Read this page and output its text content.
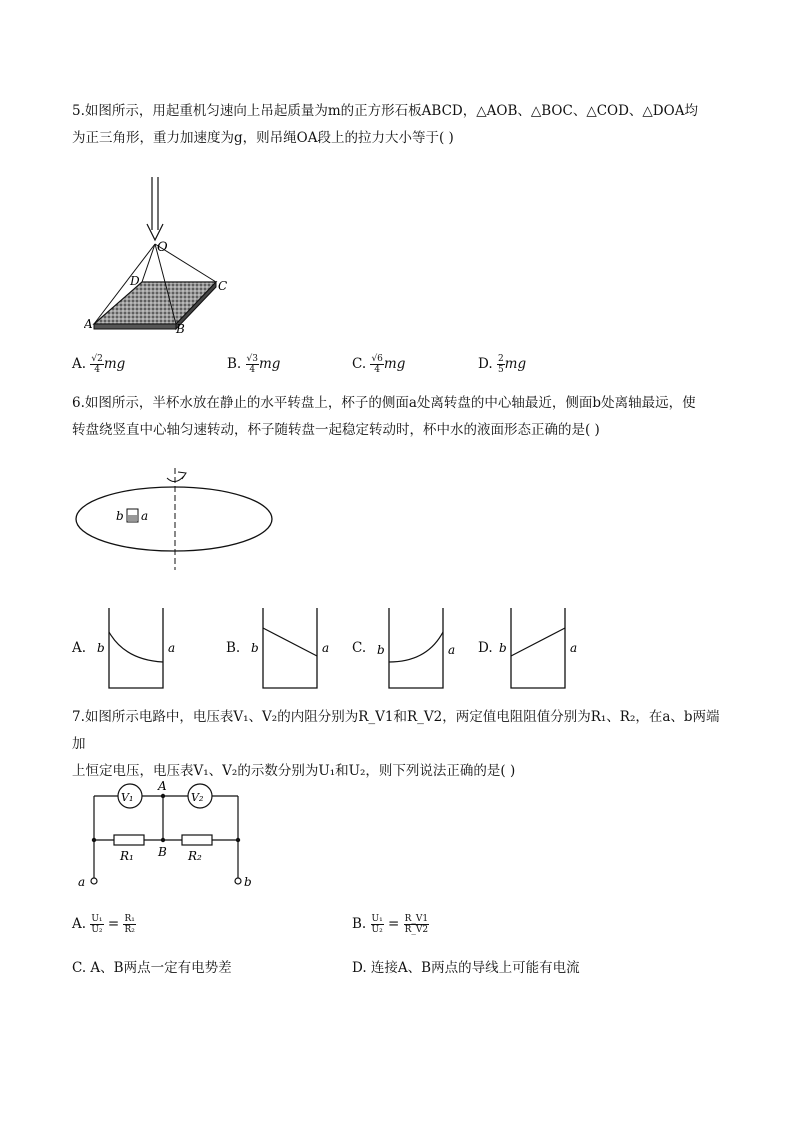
5.如图所示，用起重机匀速向上吊起质量为m的正方形石板ABCD，△AOB、△BOC、△COD、△DOA均

为正三角形，重力加速度为g，则吊绳OA段上的拉力大小等于( )

O
D	C
A	B
A. $\frac{√2}{4}$ mg	B. $\frac{√3}{4}$ mg	C. $\frac{√6}{4}$ mg	D. $\frac{2}{5}$ mg

6.如图所示，半杯水放在静止的水平转盘上，杯子的侧面a处离转盘的中心轴最近，侧面b处离轴最远，使

转盘绕竖直中心轴匀速转动，杯子随转盘一起稳定转动时，杯中水的液面形态正确的是( )

b a
A. b	a	B. b	a C. b	a D. b	a

7.如图所示电路中，电压表V₁、V₂的内阻分别为R_V1和R_V2，两定值电阻阻值分别为R₁、R₂，在a、b两端加

上恒定电压，电压表V₁、V₂的示数分别为U₁和U₂，则下列说法正确的是( )

V₁	V₂
A
B
R₁	R₂
a	b
A. $\frac{\text{U₁}}{\text{U₂}} = \frac{\text{R₁}}{\text{R₂}}$	B. $\frac{\text{U₁}}{\text{U₂}} = \frac{R\_V1}{R\_V2}$
C. A、B两点一定有电势差	D. 连接A、B两点的导线上可能有电流
